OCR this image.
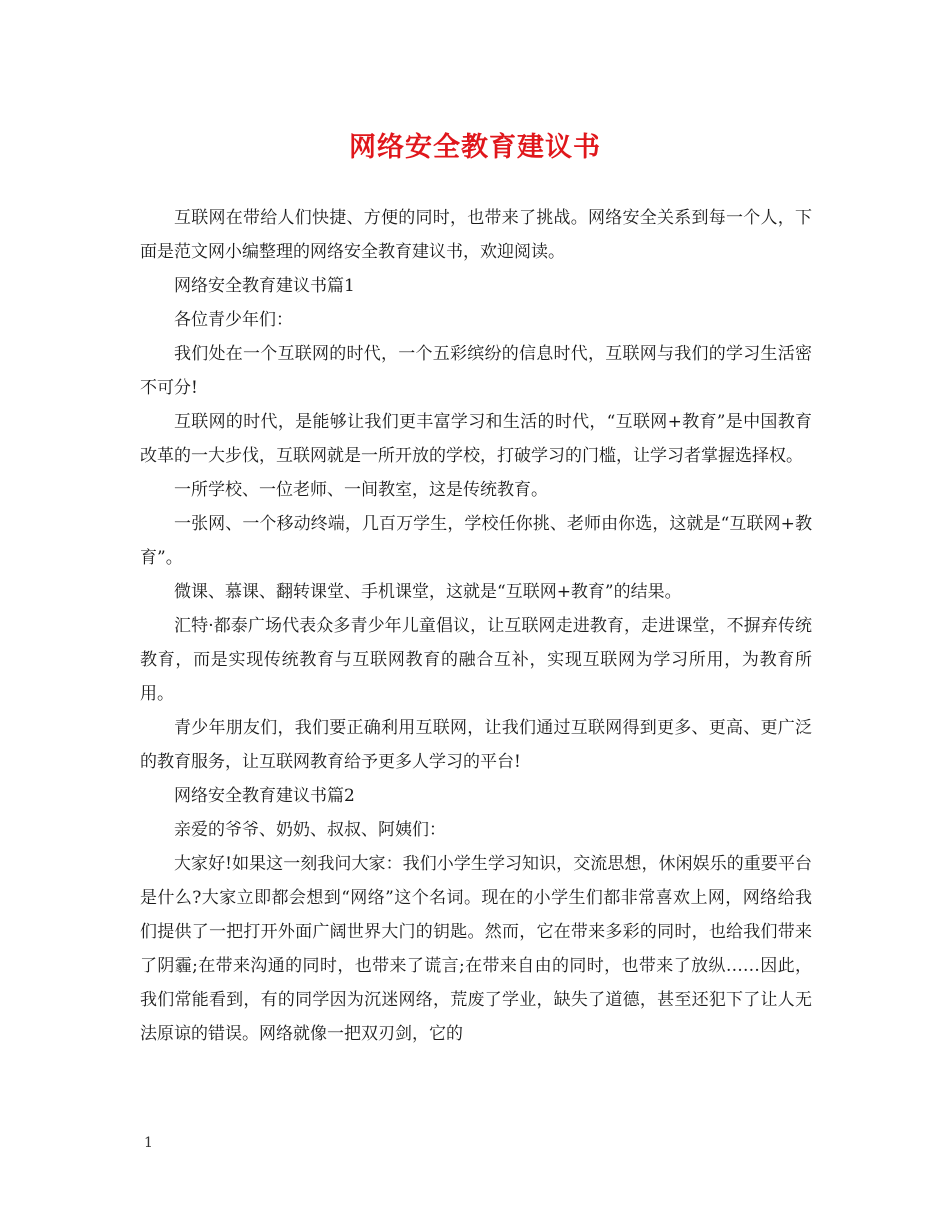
网络安全教育建议书

互联网在带给人们快捷、方便的同时，也带来了挑战。网络安全关系到每一个人，下面是范文网小编整理的网络安全教育建议书，欢迎阅读。

网络安全教育建议书篇1

各位青少年们：

我们处在一个互联网的时代，一个五彩缤纷的信息时代，互联网与我们的学习生活密不可分!

互联网的时代，是能够让我们更丰富学习和生活的时代，“互联网+教育”是中国教育改革的一大步伐，互联网就是一所开放的学校，打破学习的门槛，让学习者掌握选择权。

一所学校、一位老师、一间教室，这是传统教育。

一张网、一个移动终端，几百万学生，学校任你挑、老师由你选，这就是“互联网+教育”。

微课、慕课、翻转课堂、手机课堂，这就是“互联网+教育”的结果。

汇特·都泰广场代表众多青少年儿童倡议，让互联网走进教育，走进课堂，不摒弃传统教育，而是实现传统教育与互联网教育的融合互补，实现互联网为学习所用，为教育所用。

青少年朋友们，我们要正确利用互联网，让我们通过互联网得到更多、更高、更广泛的教育服务，让互联网教育给予更多人学习的平台!

网络安全教育建议书篇2

亲爱的爷爷、奶奶、叔叔、阿姨们：

大家好!如果这一刻我问大家：我们小学生学习知识，交流思想，休闲娱乐的重要平台是什么?大家立即都会想到“网络”这个名词。现在的小学生们都非常喜欢上网，网络给我们提供了一把打开外面广阔世界大门的钥匙。然而，它在带来多彩的同时，也给我们带来了阴霾;在带来沟通的同时，也带来了谎言;在带来自由的同时，也带来了放纵……因此，我们常能看到，有的同学因为沉迷网络，荒废了学业，缺失了道德，甚至还犯下了让人无法原谅的错误。网络就像一把双刃剑，它的

1
